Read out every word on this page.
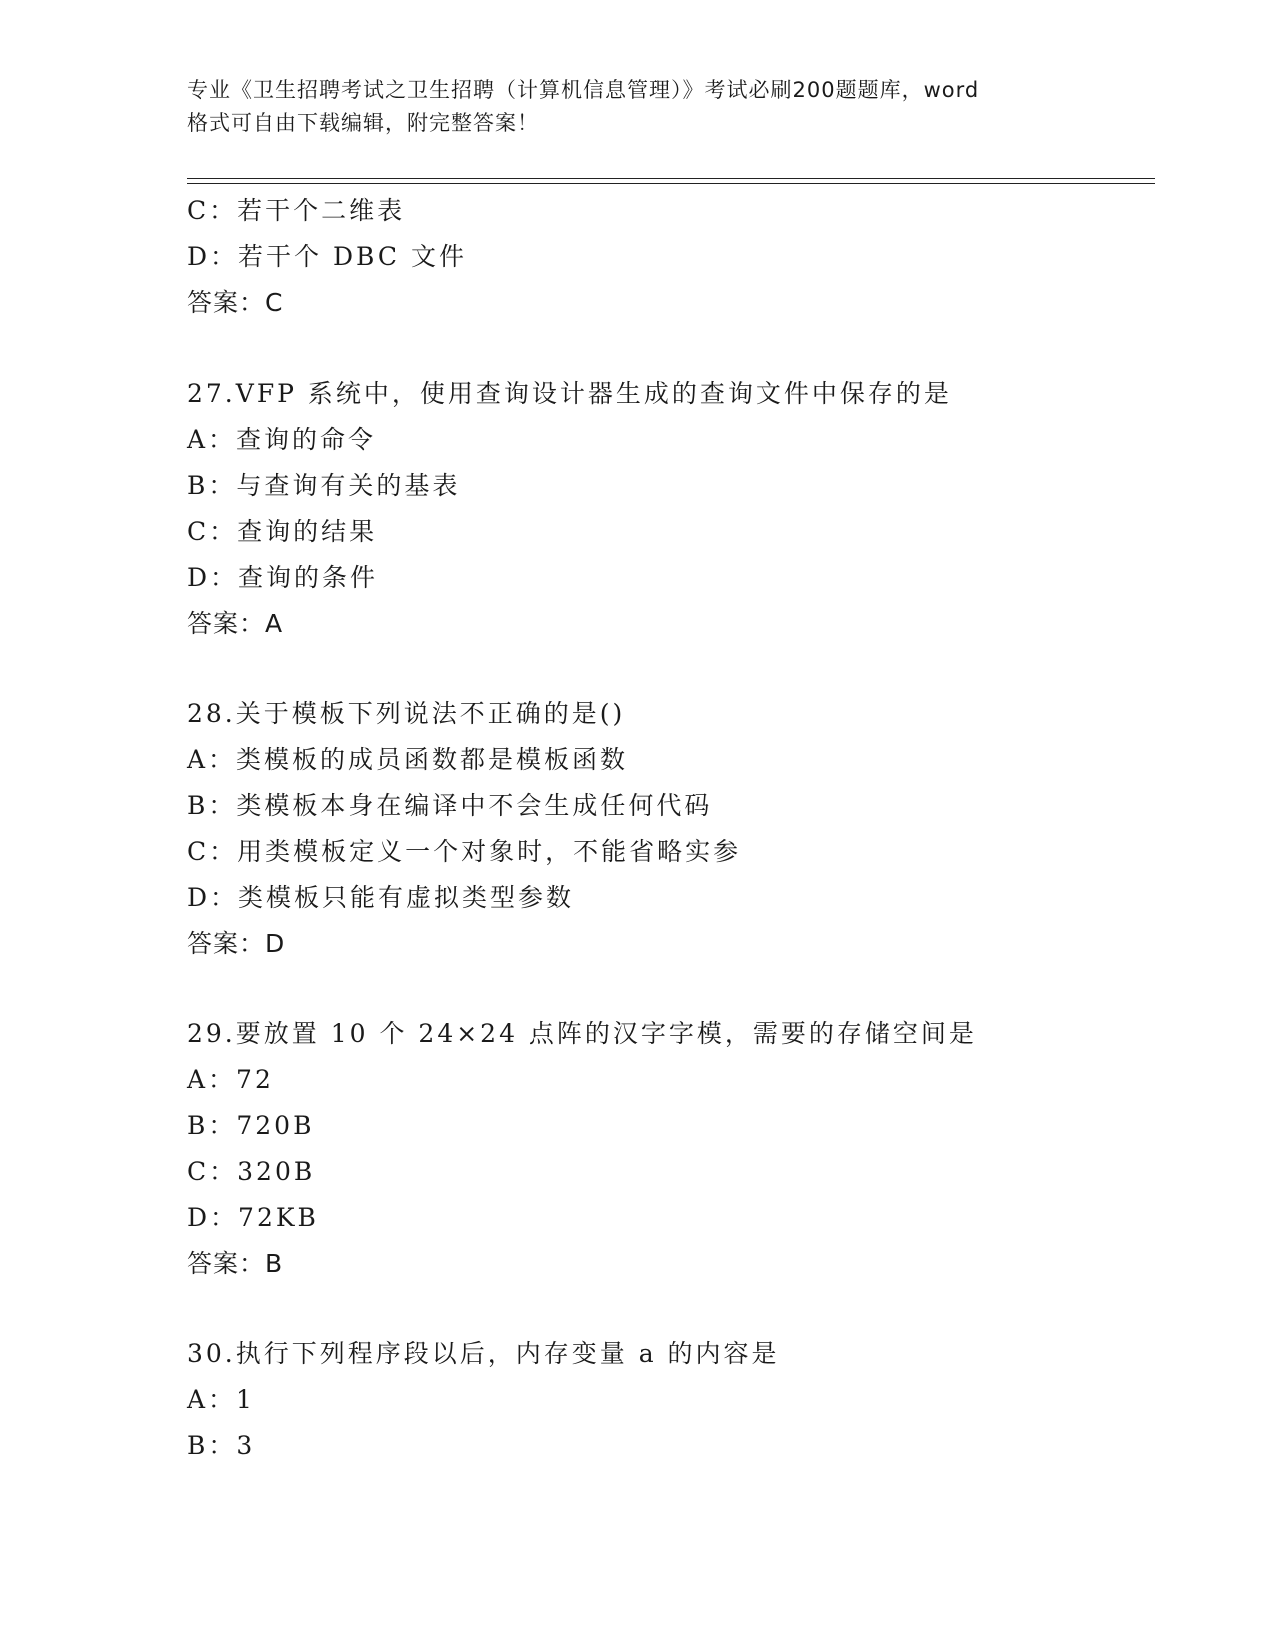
专业《卫生招聘考试之卫生招聘（计算机信息管理）》考试必刷200题题库，word
格式可自由下载编辑，附完整答案！
C：若干个二维表
D：若干个 DBC 文件
答案：C
27.VFP 系统中，使用查询设计器生成的查询文件中保存的是
A：查询的命令
B：与查询有关的基表
C：查询的结果
D：查询的条件
答案：A
28.关于模板下列说法不正确的是()
A：类模板的成员函数都是模板函数
B：类模板本身在编译中不会生成任何代码
C：用类模板定义一个对象时，不能省略实参
D：类模板只能有虚拟类型参数
答案：D
29.要放置 10 个 24×24 点阵的汉字字模，需要的存储空间是
A：72
B：720B
C：320B
D：72KB
答案：B
30.执行下列程序段以后，内存变量 a 的内容是
A：1
B：3
